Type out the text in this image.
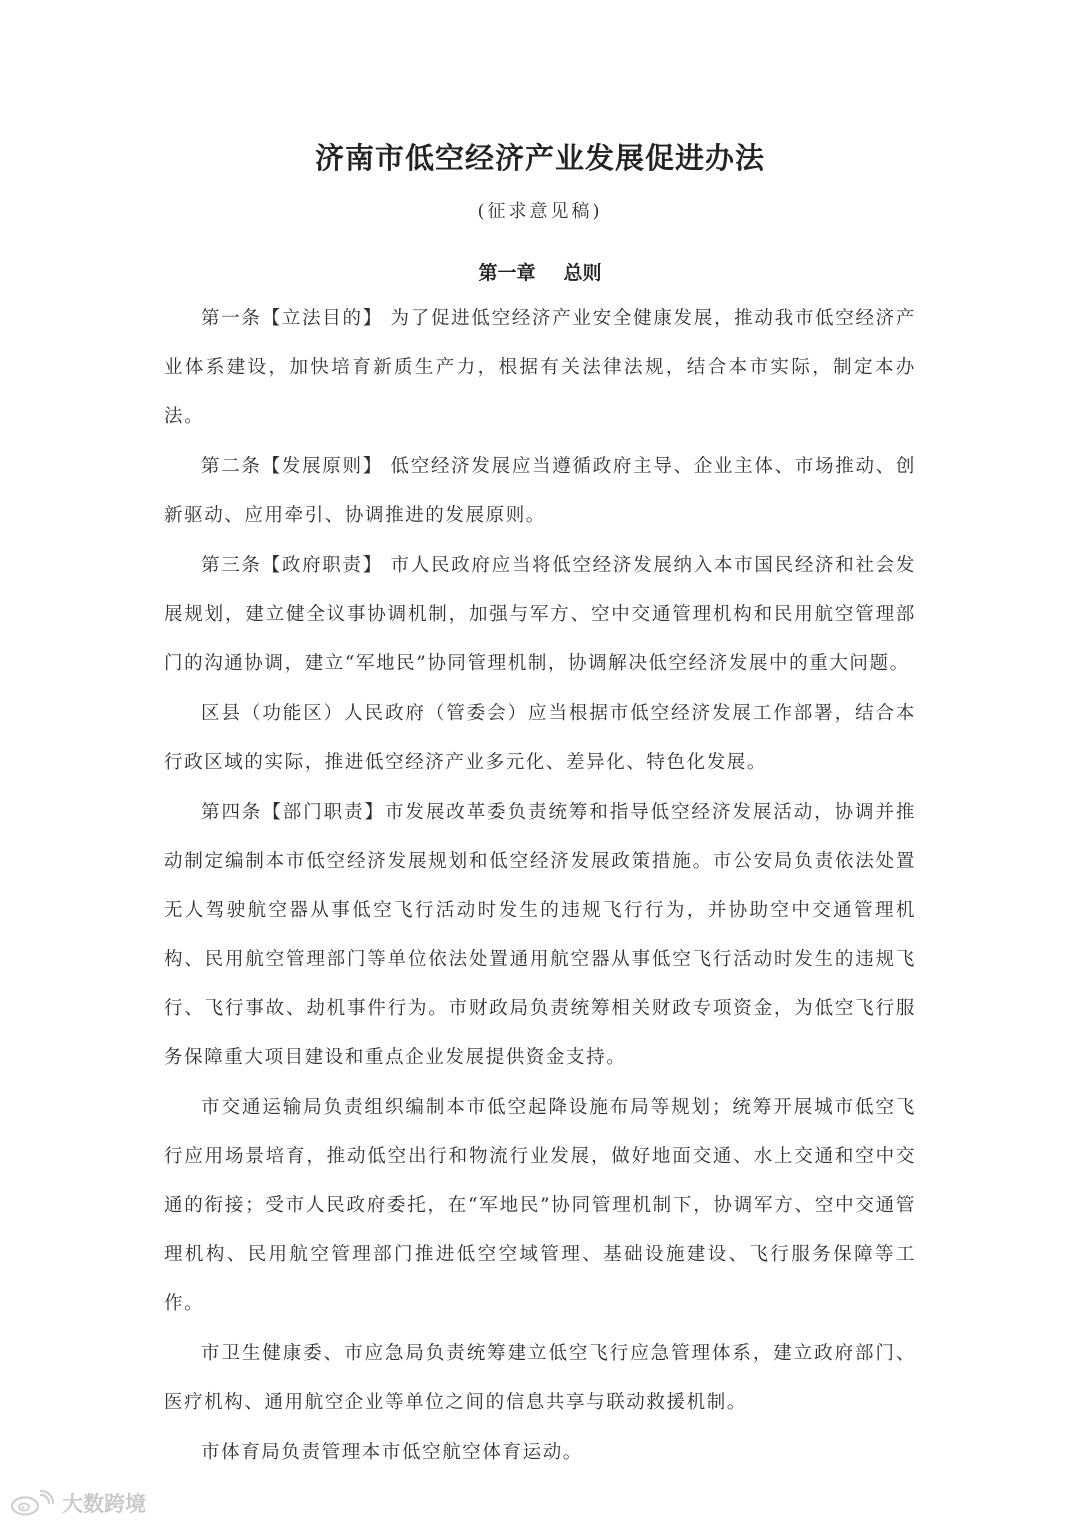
济南市低空经济产业发展促进办法
(征求意见稿)
第一章 总则

第一条【立法目的】 为了促进低空经济产业安全健康发展，推动我市低空经济产业体系建设，加快培育新质生产力，根据有关法律法规，结合本市实际，制定本办法。

第二条【发展原则】 低空经济发展应当遵循政府主导、企业主体、市场推动、创新驱动、应用牵引、协调推进的发展原则。

第三条【政府职责】 市人民政府应当将低空经济发展纳入本市国民经济和社会发展规划，建立健全议事协调机制，加强与军方、空中交通管理机构和民用航空管理部门的沟通协调，建立“军地民”协同管理机制，协调解决低空经济发展中的重大问题。

区县（功能区）人民政府（管委会）应当根据市低空经济发展工作部署，结合本行政区域的实际，推进低空经济产业多元化、差异化、特色化发展。

第四条【部门职责】市发展改革委负责统筹和指导低空经济发展活动，协调并推动制定编制本市低空经济发展规划和低空经济发展政策措施。市公安局负责依法处置无人驾驶航空器从事低空飞行活动时发生的违规飞行行为，并协助空中交通管理机构、民用航空管理部门等单位依法处置通用航空器从事低空飞行活动时发生的违规飞行、飞行事故、劫机事件行为。市财政局负责统筹相关财政专项资金，为低空飞行服务保障重大项目建设和重点企业发展提供资金支持。

市交通运输局负责组织编制本市低空起降设施布局等规划；统筹开展城市低空飞行应用场景培育，推动低空出行和物流行业发展，做好地面交通、水上交通和空中交通的衔接；受市人民政府委托，在“军地民”协同管理机制下，协调军方、空中交通管理机构、民用航空管理部门推进低空空域管理、基础设施建设、飞行服务保障等工作。

市卫生健康委、市应急局负责统筹建立低空飞行应急管理体系，建立政府部门、医疗机构、通用航空企业等单位之间的信息共享与联动救援机制。

市体育局负责管理本市低空航空体育运动。

大数跨境
